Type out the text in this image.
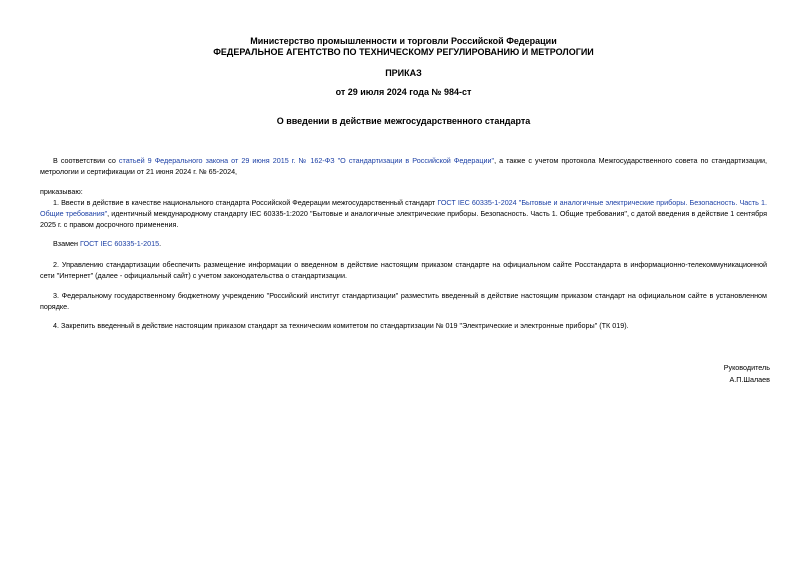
Министерство промышленности и торговли Российской Федерации
ФЕДЕРАЛЬНОЕ АГЕНТСТВО ПО ТЕХНИЧЕСКОМУ РЕГУЛИРОВАНИЮ И МЕТРОЛОГИИ
ПРИКАЗ
от 29 июля 2024 года № 984-ст
О введении в действие межгосударственного стандарта
В соответствии со статьей 9 Федерального закона от 29 июня 2015 г. № 162-ФЗ "О стандартизации в Российской Федерации", а также с учетом протокола Межгосударственного совета по стандартизации, метрологии и сертификации от 21 июня 2024 г. № 65-2024,
приказываю:
1. Ввести в действие в качестве национального стандарта Российской Федерации межгосударственный стандарт ГОСТ IEC 60335-1-2024 "Бытовые и аналогичные электрические приборы. Безопасность. Часть 1. Общие требования", идентичный международному стандарту IEC 60335-1:2020 "Бытовые и аналогичные электрические приборы. Безопасность. Часть 1. Общие требования", с датой введения в действие 1 сентября 2025 г. с правом досрочного применения.
Взамен ГОСТ IEC 60335-1-2015.
2. Управлению стандартизации обеспечить размещение информации о введенном в действие настоящим приказом стандарте на официальном сайте Росстандарта в информационно-телекоммуникационной сети "Интернет" (далее - официальный сайт) с учетом законодательства о стандартизации.
3. Федеральному государственному бюджетному учреждению "Российский институт стандартизации" разместить введенный в действие настоящим приказом стандарт на официальном сайте в установленном порядке.
4. Закрепить введенный в действие настоящим приказом стандарт за техническим комитетом по стандартизации № 019 "Электрические и электронные приборы" (ТК 019).
Руководитель
А.П.Шалаев
